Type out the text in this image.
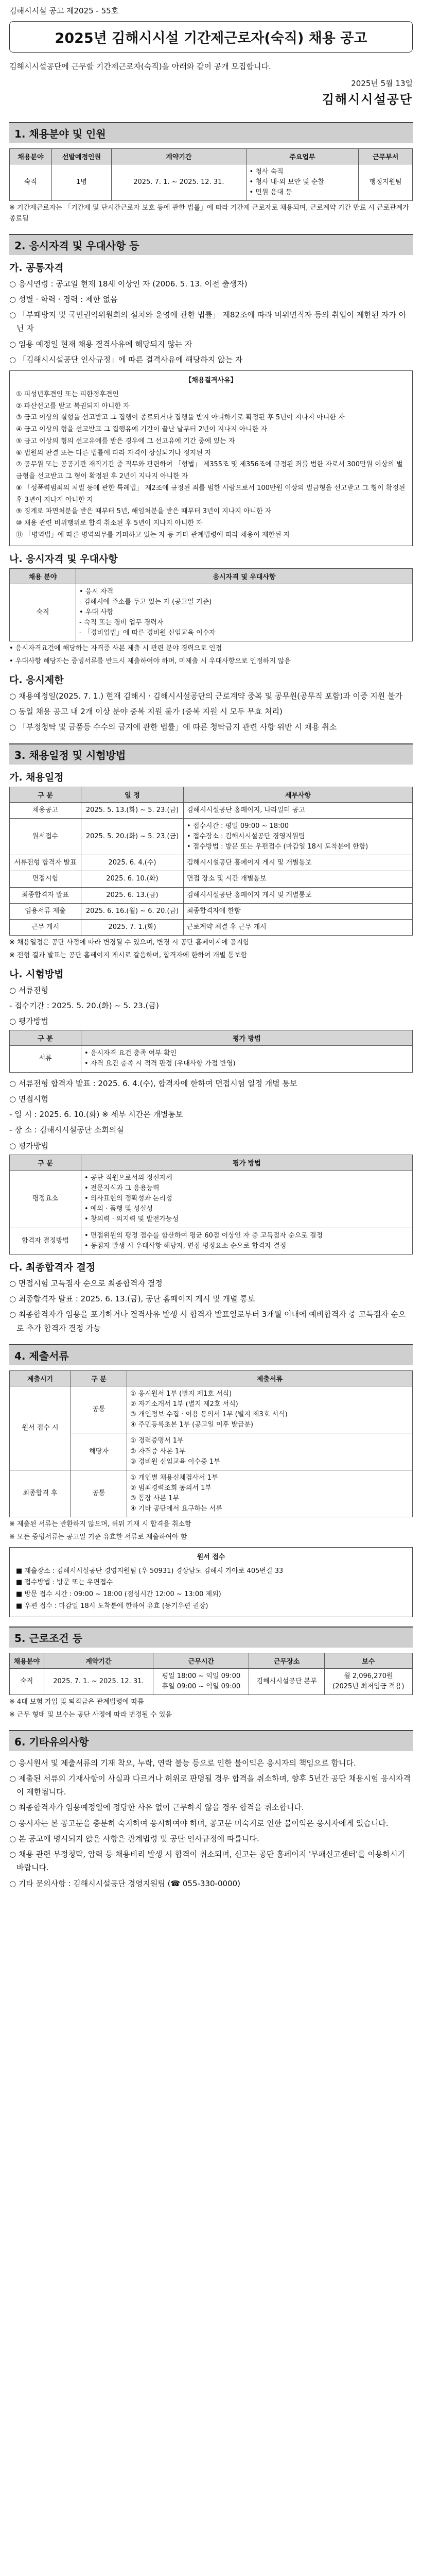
김해시시설 공고 제2025 - 55호
2025년 김해시시설 기간제근로자(숙직) 채용 공고
김해시시설공단에 근무할 기간제근로자(숙직)을 아래와 같이 공개 모집합니다.
2025년 5월 13일
김해시시설공단
1. 채용분야 및 인원
채용분야	선발예정인원	계약기간	주요업무	근무부서
숙직	1명	2025. 7. 1. ~ 2025. 12. 31.	• 청사 숙직
• 청사 내·외 보안 및 순찰
• 민원 응대 등	행정지원팀
※ 기간제근로자는 「기간제 및 단시간근로자 보호 등에 관한 법률」에 따라 기간제 근로자로 채용되며, 근로계약 기간 만료 시 근로관계가 종료됨
2. 응시자격 및 우대사항 등
가. 공통자격
○ 응시연령 : 공고일 현재 18세 이상인 자 (2006. 5. 13. 이전 출생자)
○ 성별 · 학력 · 경력 : 제한 없음
○ 「부패방지 및 국민권익위원회의 설치와 운영에 관한 법률」 제82조에 따라 비위면직자 등의 취업이 제한된 자가 아닌 자
○ 임용 예정일 현재 채용 결격사유에 해당되지 않는 자
○ 「김해시시설공단 인사규정」에 따른 결격사유에 해당하지 않는 자
【채용결격사유】
① 피성년후견인 또는 피한정후견인
② 파산선고를 받고 복권되지 아니한 자
③ 금고 이상의 실형을 선고받고 그 집행이 종료되거나 집행을 받지 아니하기로 확정된 후 5년이 지나지 아니한 자
④ 금고 이상의 형을 선고받고 그 집행유예 기간이 끝난 날부터 2년이 지나지 아니한 자
⑤ 금고 이상의 형의 선고유예를 받은 경우에 그 선고유예 기간 중에 있는 자
⑥ 법원의 판결 또는 다른 법률에 따라 자격이 상실되거나 정지된 자
⑦ 공무원 또는 공공기관 재직기간 중 직무와 관련하여 「형법」 제355조 및 제356조에 규정된 죄를 범한 자로서 300만원 이상의 벌금형을 선고받고 그 형이 확정된 후 2년이 지나지 아니한 자
⑧ 「성폭력범죄의 처벌 등에 관한 특례법」 제2조에 규정된 죄를 범한 사람으로서 100만원 이상의 벌금형을 선고받고 그 형이 확정된 후 3년이 지나지 아니한 자
⑨ 징계로 파면처분을 받은 때부터 5년, 해임처분을 받은 때부터 3년이 지나지 아니한 자
⑩ 채용 관련 비위행위로 합격 취소된 후 5년이 지나지 아니한 자
⑪ 「병역법」에 따른 병역의무를 기피하고 있는 자 등 기타 관계법령에 따라 채용이 제한된 자
나. 응시자격 및 우대사항
채용 분야	응시자격 및 우대사항
숙직	• 응시 자격
- 김해시에 주소를 두고 있는 자 (공고일 기준)
• 우대 사항
- 숙직 또는 경비 업무 경력자
- 「경비업법」에 따른 경비원 신임교육 이수자
• 응시자격요건에 해당하는 자격증 사본 제출 시 관련 분야 경력으로 인정
• 우대사항 해당자는 증빙서류를 반드시 제출하여야 하며, 미제출 시 우대사항으로 인정하지 않음
다. 응시제한
○ 채용예정일(2025. 7. 1.) 현재 김해시 · 김해시시설공단의 근로계약 중복 및 공무원(공무직 포함)과 이중 지원 불가
○ 동일 채용 공고 내 2개 이상 분야 중복 지원 불가 (중복 지원 시 모두 무효 처리)
○ 「부정청탁 및 금품등 수수의 금지에 관한 법률」에 따른 청탁금지 관련 사항 위반 시 채용 취소
3. 채용일정 및 시험방법
가. 채용일정
구 분	일 정	세부사항
채용공고	2025. 5. 13.(화) ~ 5. 23.(금)	김해시시설공단 홈페이지, 나라일터 공고
원서접수	2025. 5. 20.(화) ~ 5. 23.(금)	• 접수시간 : 평일 09:00 ~ 18:00
• 접수장소 : 김해시시설공단 경영지원팀
• 접수방법 : 방문 또는 우편접수 (마감일 18시 도착분에 한함)
서류전형 합격자 발표	2025. 6. 4.(수)	김해시시설공단 홈페이지 게시 및 개별통보
면접시험	2025. 6. 10.(화)	면접 장소 및 시간 개별통보
최종합격자 발표	2025. 6. 13.(금)	김해시시설공단 홈페이지 게시 및 개별통보
임용서류 제출	2025. 6. 16.(월) ~ 6. 20.(금)	최종합격자에 한함
근무 개시	2025. 7. 1.(화)	근로계약 체결 후 근무 개시
※ 채용일정은 공단 사정에 따라 변경될 수 있으며, 변경 시 공단 홈페이지에 공지함
※ 전형 결과 발표는 공단 홈페이지 게시로 갈음하며, 합격자에 한하여 개별 통보함
나. 시험방법
○ 서류전형
- 접수기간 : 2025. 5. 20.(화) ~ 5. 23.(금)
○ 평가방법
구 분	평가 방법
서류	• 응시자격 요건 충족 여부 확인
• 자격 요건 충족 시 적격 판정 (우대사항 가점 반영)
○ 서류전형 합격자 발표 : 2025. 6. 4.(수), 합격자에 한하여 면접시험 일정 개별 통보
○ 면접시험
- 일 시 : 2025. 6. 10.(화) ※ 세부 시간은 개별통보
- 장 소 : 김해시시설공단 소회의실
○ 평가방법
구 분	평가 방법
평정요소	• 공단 직원으로서의 정신자세
• 전문지식과 그 응용능력
• 의사표현의 정확성과 논리성
• 예의 · 품행 및 성실성
• 창의력 · 의지력 및 발전가능성
합격자 결정방법	• 면접위원의 평정 점수를 합산하여 평균 60점 이상인 자 중 고득점자 순으로 결정
• 동점자 발생 시 우대사항 해당자, 면접 평정요소 순으로 합격자 결정
다. 최종합격자 결정
○ 면접시험 고득점자 순으로 최종합격자 결정
○ 최종합격자 발표 : 2025. 6. 13.(금), 공단 홈페이지 게시 및 개별 통보
○ 최종합격자가 임용을 포기하거나 결격사유 발생 시 합격자 발표일로부터 3개월 이내에 예비합격자 중 고득점자 순으로 추가 합격자 결정 가능
4. 제출서류
제출시기	구 분	제출서류
원서 접수 시	공통	① 응시원서 1부 (별지 제1호 서식)
② 자기소개서 1부 (별지 제2호 서식)
③ 개인정보 수집 · 이용 동의서 1부 (별지 제3호 서식)
④ 주민등록초본 1부 (공고일 이후 발급분)
	해당자	① 경력증명서 1부
② 자격증 사본 1부
③ 경비원 신임교육 이수증 1부
최종합격 후	공통	① 개인별 채용신체검사서 1부
② 범죄경력조회 동의서 1부
③ 통장 사본 1부
④ 기타 공단에서 요구하는 서류
※ 제출된 서류는 반환하지 않으며, 허위 기재 시 합격을 취소함
※ 모든 증빙서류는 공고일 기준 유효한 서류로 제출하여야 함
원서 접수
■ 제출장소 : 김해시시설공단 경영지원팀 (우 50931) 경상남도 김해시 가야로 405번길 33
■ 접수방법 : 방문 또는 우편접수
■ 방문 접수 시간 : 09:00 ~ 18:00 (점심시간 12:00 ~ 13:00 제외)
■ 우편 접수 : 마감일 18시 도착분에 한하여 유효 (등기우편 권장)
5. 근로조건 등
채용분야	계약기간	근무시간	근무장소	보수
숙직	2025. 7. 1. ~ 2025. 12. 31.	평일 18:00 ~ 익일 09:00
휴일 09:00 ~ 익일 09:00	김해시시설공단 본부	월 2,096,270원
(2025년 최저임금 적용)
※ 4대 보험 가입 및 퇴직금은 관계법령에 따름
※ 근무 형태 및 보수는 공단 사정에 따라 변경될 수 있음
6. 기타유의사항
○ 응시원서 및 제출서류의 기재 착오, 누락, 연락 불능 등으로 인한 불이익은 응시자의 책임으로 합니다.
○ 제출된 서류의 기재사항이 사실과 다르거나 허위로 판명될 경우 합격을 취소하며, 향후 5년간 공단 채용시험 응시자격이 제한됩니다.
○ 최종합격자가 임용예정일에 정당한 사유 없이 근무하지 않을 경우 합격을 취소합니다.
○ 응시자는 본 공고문을 충분히 숙지하여 응시하여야 하며, 공고문 미숙지로 인한 불이익은 응시자에게 있습니다.
○ 본 공고에 명시되지 않은 사항은 관계법령 및 공단 인사규정에 따릅니다.
○ 채용 관련 부정청탁, 압력 등 채용비리 발생 시 합격이 취소되며, 신고는 공단 홈페이지 '부패신고센터'를 이용하시기 바랍니다.
○ 기타 문의사항 : 김해시시설공단 경영지원팀 (☎ 055-330-0000)
